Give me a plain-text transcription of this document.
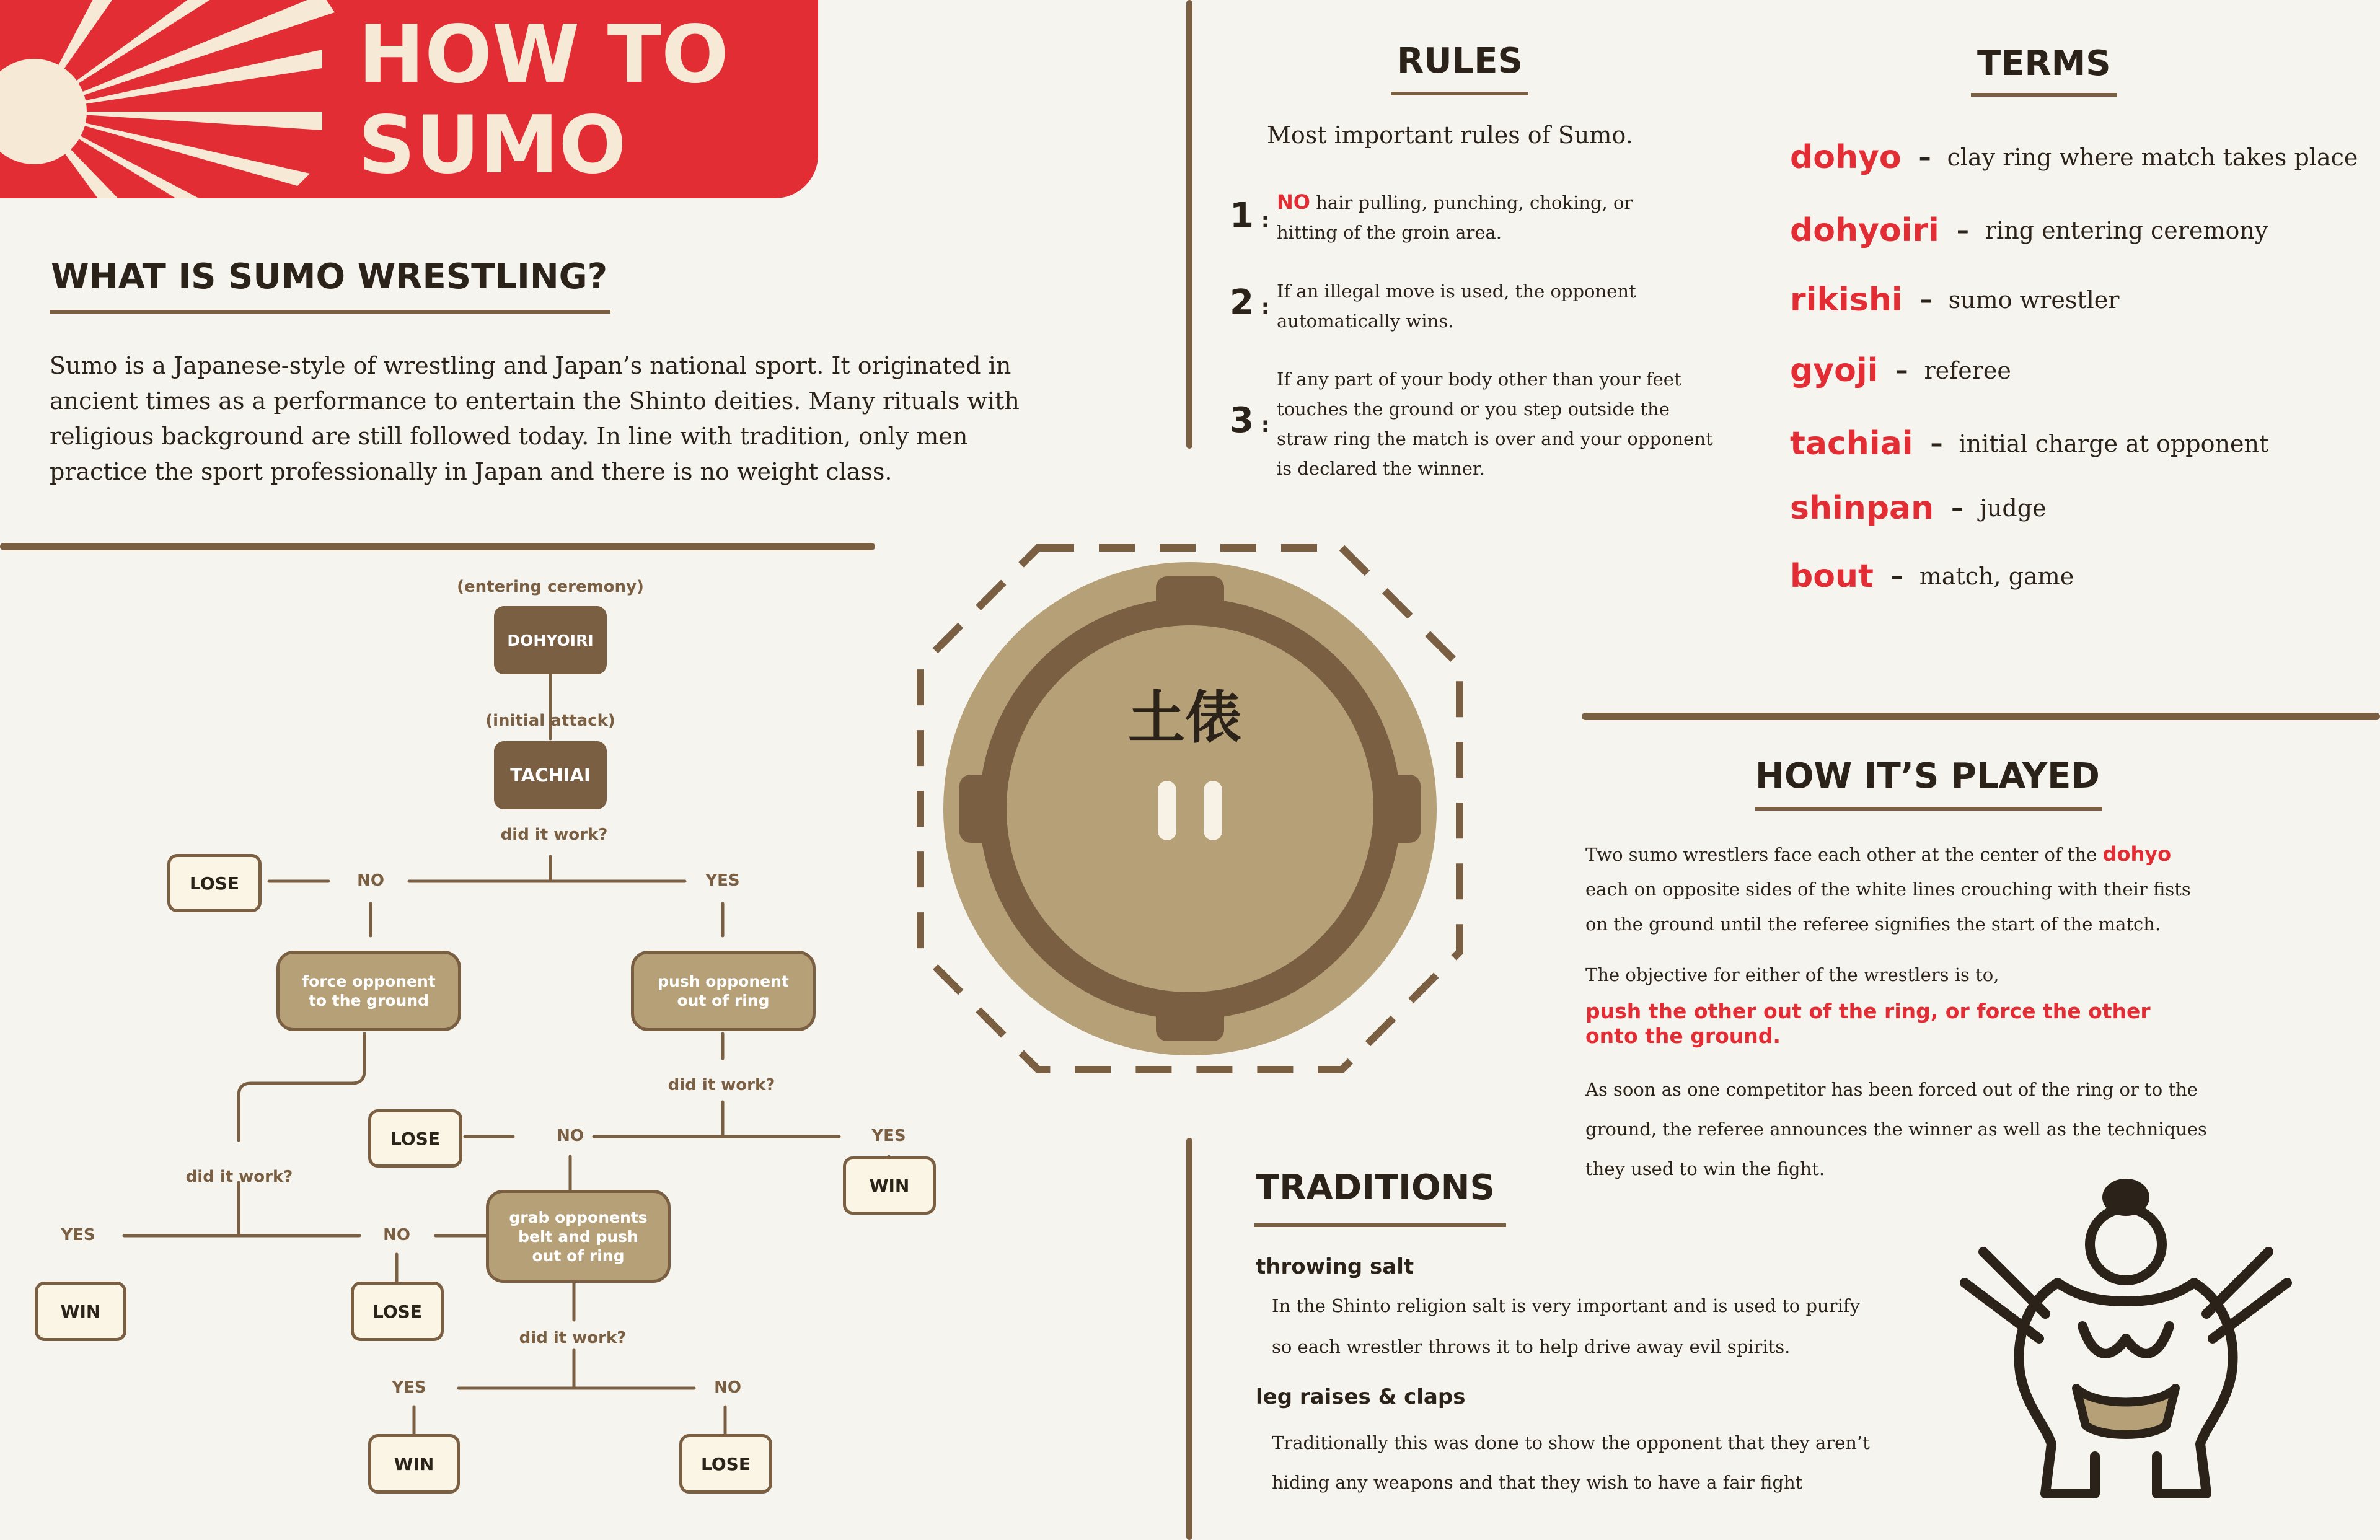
HOW TO
SUMO
WHAT IS SUMO WRESTLING?
Sumo is a Japanese-style of wrestling and Japan’s national sport. It originated in
ancient times as a performance to entertain the Shinto deities. Many rituals with
religious background are still followed today. In line with tradition, only men
practice the sport professionally in Japan and there is no weight class.
RULES
Most important rules of Sumo.
1 :
NO hair pulling, punching, choking, or
hitting of the groin area.
2 :
If an illegal move is used, the opponent
automatically wins.
3 :
If any part of your body other than your feet
touches the ground or you step outside the
straw ring the match is over and your opponent
is declared the winner.
TERMS
dohyo – clay ring where match takes place
dohyoiri – ring entering ceremony
rikishi – sumo wrestler
gyoji – referee
tachiai – initial charge at opponent
shinpan – judge
bout – match, game
土俵
HOW IT’S PLAYED
Two sumo wrestlers face each other at the center of the dohyo
each on opposite sides of the white lines crouching with their fists
on the ground until the referee signifies the start of the match.
The objective for either of the wrestlers is to,
push the other out of the ring, or force the other
onto the ground.
As soon as one competitor has been forced out of the ring or to the
ground, the referee announces the winner as well as the techniques
they used to win the fight.
TRADITIONS
throwing salt
In the Shinto religion salt is very important and is used to purify
so each wrestler throws it to help drive away evil spirits.
leg raises & claps
Traditionally this was done to show the opponent that they aren’t
hiding any weapons and that they wish to have a fair fight
(entering ceremony)
DOHYOIRI
(initial attack)
TACHIAI
did it work?
LOSE	NO	YES
force opponent
to the ground
push opponent
out of ring
did it work?
LOSE	NO	YES
WIN
did it work?
grab opponents
belt and push
out of ring
YES	NO
WIN	LOSE
did it work?
YES	NO
WIN	LOSE
